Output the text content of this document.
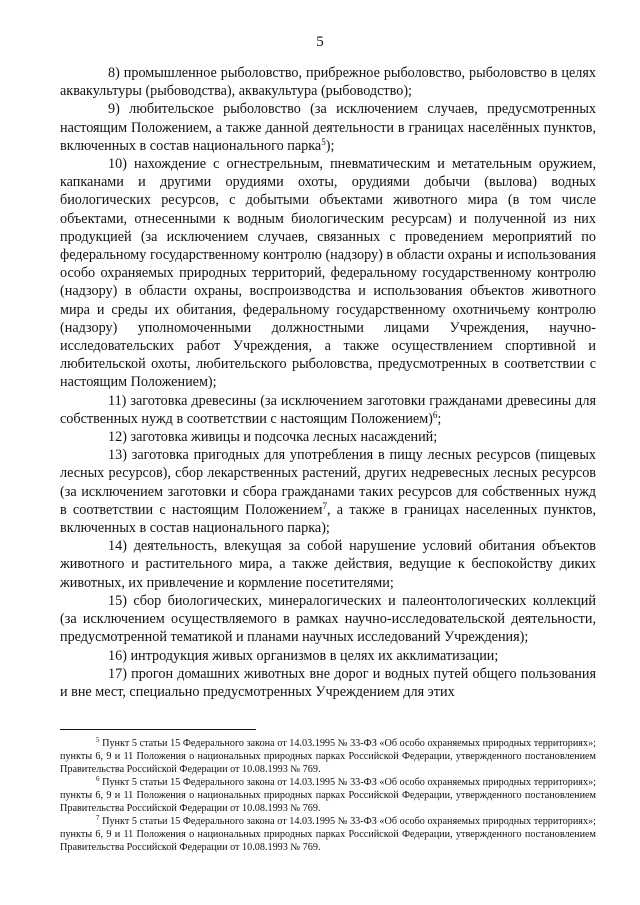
5

8) промышленное рыболовство, прибрежное рыболовство, рыболовство в целях аквакультуры (рыбоводства), аквакультура (рыбоводство);

9) любительское рыболовство (за исключением случаев, предусмотренных настоящим Положением, а также данной деятельности в границах населённых пунктов, включенных в состав национального парка$^5$);

10) нахождение с огнестрельным, пневматическим и метательным оружием, капканами и другими орудиями охоты, орудиями добычи (вылова) водных биологических ресурсов, с добытыми объектами животного мира (в том числе объектами, отнесенными к водным биологическим ресурсам) и полученной из них продукцией (за исключением случаев, связанных с проведением мероприятий по федеральному государственному контролю (надзору) в области охраны и использования особо охраняемых природных территорий, федеральному государственному контролю (надзору) в области охраны, воспроизводства и использования объектов животного мира и среды их обитания, федеральному государственному охотничьему контролю (надзору) уполномоченными должностными лицами Учреждения, научно-исследовательских работ Учреждения, а также осуществлением спортивной и любительской охоты, любительского рыболовства, предусмотренных в соответствии с настоящим Положением);

11) заготовка древесины (за исключением заготовки гражданами древесины для собственных нужд в соответствии с настоящим Положением)$^6$;

12) заготовка живицы и подсочка лесных насаждений;

13) заготовка пригодных для употребления в пищу лесных ресурсов (пищевых лесных ресурсов), сбор лекарственных растений, других недревесных лесных ресурсов (за исключением заготовки и сбора гражданами таких ресурсов для собственных нужд в соответствии с настоящим Положением$^7$, а также в границах населенных пунктов, включенных в состав национального парка);

14) деятельность, влекущая за собой нарушение условий обитания объектов животного и растительного мира, а также действия, ведущие к беспокойству диких животных, их привлечение и кормление посетителями;

15) сбор биологических, минералогических и палеонтологических коллекций (за исключением осуществляемого в рамках научно-исследовательской деятельности, предусмотренной тематикой и планами научных исследований Учреждения);

16) интродукция живых организмов в целях их акклиматизации;

17) прогон домашних животных вне дорог и водных путей общего пользования и вне мест, специально предусмотренных Учреждением для этих

$^5$ Пункт 5 статьи 15 Федерального закона от 14.03.1995 № 33-ФЗ «Об особо охраняемых природных территориях»; пункты 6, 9 и 11 Положения о национальных природных парках Российской Федерации, утвержденного постановлением Правительства Российской Федерации от 10.08.1993 № 769.

$^6$ Пункт 5 статьи 15 Федерального закона от 14.03.1995 № 33-ФЗ «Об особо охраняемых природных территориях»; пункты 6, 9 и 11 Положения о национальных природных парках Российской Федерации, утвержденного постановлением Правительства Российской Федерации от 10.08.1993 № 769.

$^7$ Пункт 5 статьи 15 Федерального закона от 14.03.1995 № 33-ФЗ «Об особо охраняемых природных территориях»; пункты 6, 9 и 11 Положения о национальных природных парках Российской Федерации, утвержденного постановлением Правительства Российской Федерации от 10.08.1993 № 769.
